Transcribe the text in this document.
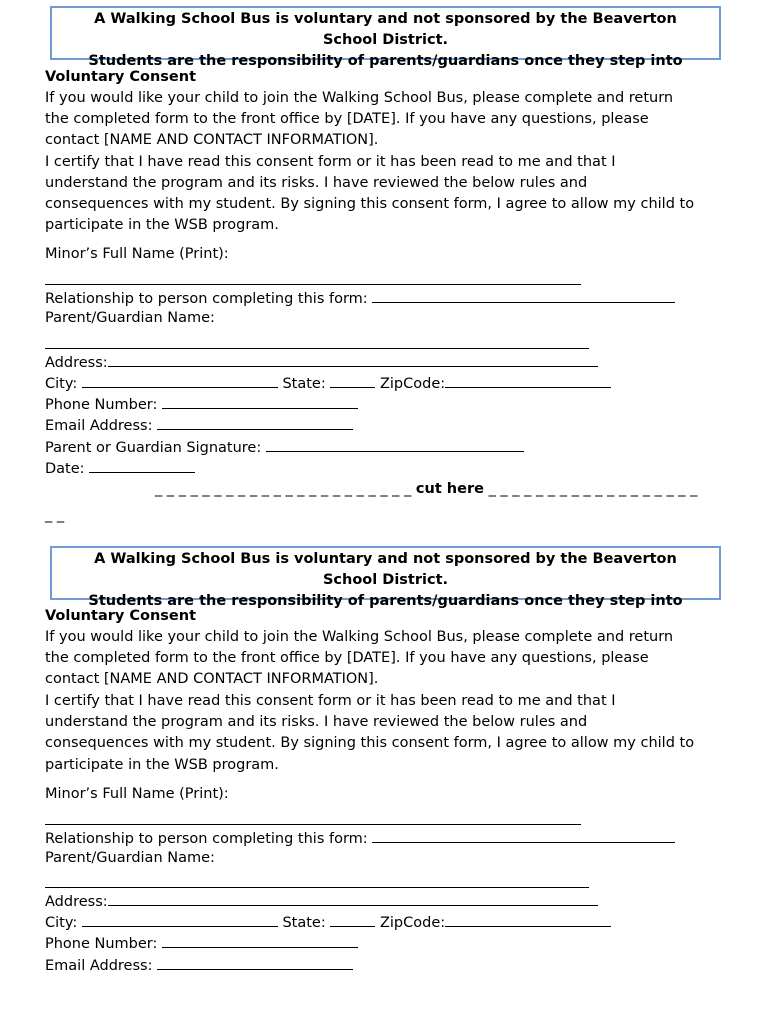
A Walking School Bus is voluntary and not sponsored by the Beaverton
School District.
Students are the responsibility of parents/guardians once they step into
Voluntary Consent
If you would like your child to join the Walking School Bus, please complete and return
the completed form to the front office by [DATE]. If you have any questions, please
contact [NAME AND CONTACT INFORMATION].
I certify that I have read this consent form or it has been read to me and that I
understand the program and its risks. I have reviewed the below rules and
consequences with my student. By signing this consent form, I agree to allow my child to
participate in the WSB program.
Minor’s Full Name (Print):
Relationship to person completing this form:
Parent/Guardian Name:
Address:
City:	State:	ZipCode:
Phone Number:
Email Address:
Parent or Guardian Signature:
Date:
_ _ _ _ _ _ _ _ _ _ _ _ _ _ _ _ _ _ _ _ _ _ cut here _ _ _ _ _ _ _ _ _ _ _ _ _ _ _ _ _ _
_ _
A Walking School Bus is voluntary and not sponsored by the Beaverton
School District.
Students are the responsibility of parents/guardians once they step into
Voluntary Consent
If you would like your child to join the Walking School Bus, please complete and return
the completed form to the front office by [DATE]. If you have any questions, please
contact [NAME AND CONTACT INFORMATION].
I certify that I have read this consent form or it has been read to me and that I
understand the program and its risks. I have reviewed the below rules and
consequences with my student. By signing this consent form, I agree to allow my child to
participate in the WSB program.
Minor’s Full Name (Print):
Relationship to person completing this form:
Parent/Guardian Name:
Address:
City:	State:	ZipCode:
Phone Number:
Email Address:
